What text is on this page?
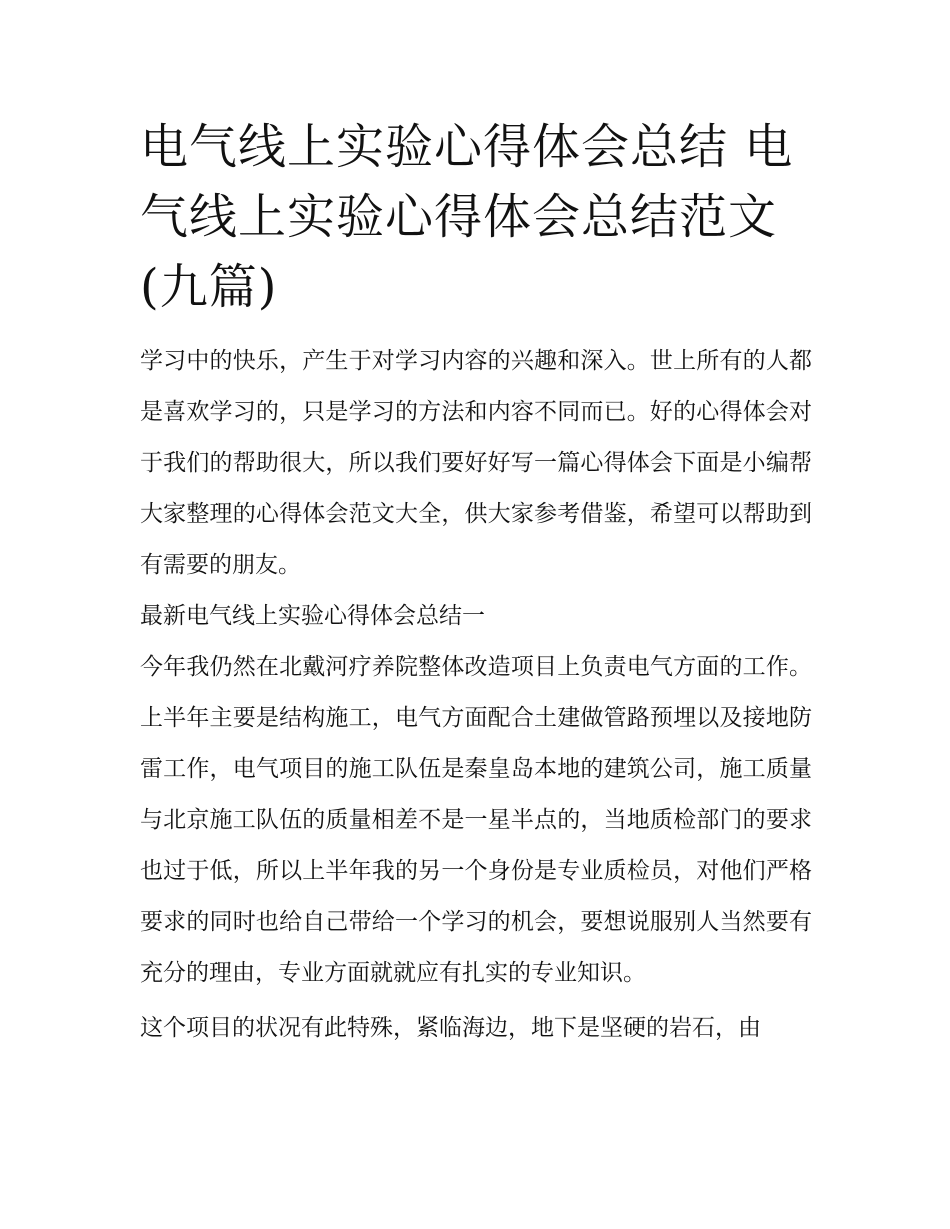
电气线上实验心得体会总结 电气线上实验心得体会总结范文(九篇)

学习中的快乐，产生于对学习内容的兴趣和深入。世上所有的人都是喜欢学习的，只是学习的方法和内容不同而已。好的心得体会对于我们的帮助很大，所以我们要好好写一篇心得体会下面是小编帮大家整理的心得体会范文大全，供大家参考借鉴，希望可以帮助到有需要的朋友。

最新电气线上实验心得体会总结一

今年我仍然在北戴河疗养院整体改造项目上负责电气方面的工作。上半年主要是结构施工，电气方面配合土建做管路预埋以及接地防雷工作，电气项目的施工队伍是秦皇岛本地的建筑公司，施工质量与北京施工队伍的质量相差不是一星半点的，当地质检部门的要求也过于低，所以上半年我的另一个身份是专业质检员，对他们严格要求的同时也给自己带给一个学习的机会，要想说服别人当然要有充分的理由，专业方面就就应有扎实的专业知识。

这个项目的状况有此特殊，紧临海边，地下是坚硬的岩石，由
